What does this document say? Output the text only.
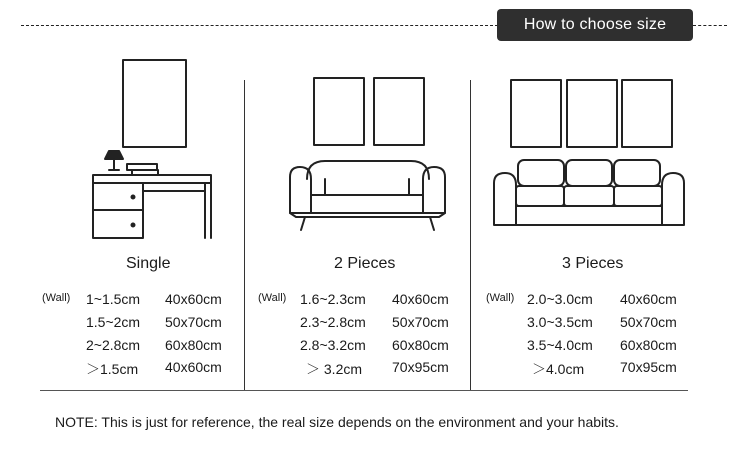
How to choose size
Single
(Wall) 1~1.5cm 40x60cm
1.5~2cm 50x70cm
2~2.8cm 60x80cm
＞1.5cm 40x60cm
2 Pieces
(Wall) 1.6~2.3cm 40x60cm
2.3~2.8cm 50x70cm
2.8~3.2cm 60x80cm
＞ 3.2cm 70x95cm
3 Pieces
(Wall) 2.0~3.0cm 40x60cm
3.0~3.5cm 50x70cm
3.5~4.0cm 60x80cm
＞4.0cm	70x95cm
NOTE: This is just for reference, the real size depends on the environment and your habits.
